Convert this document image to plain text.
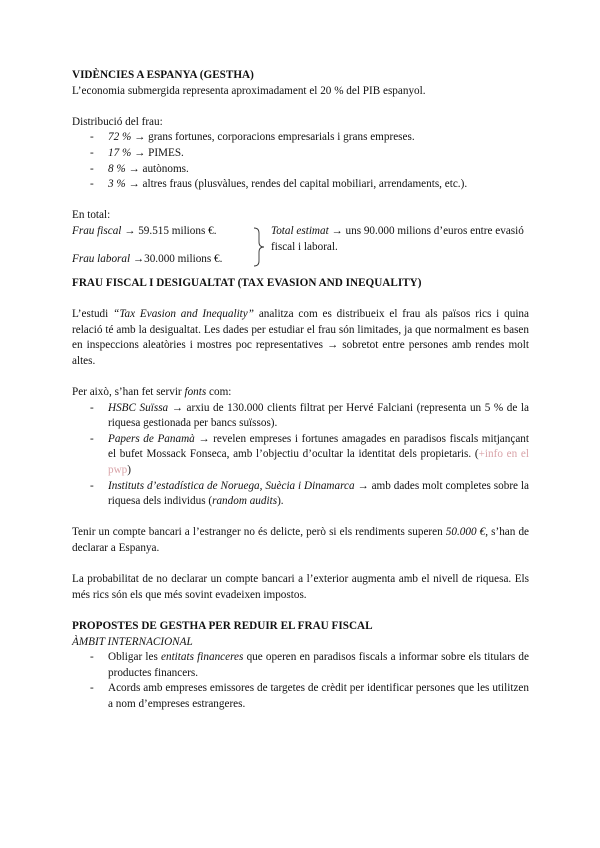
VIDÈNCIES A ESPANYA (GESTHA)

L’economia submergida representa aproximadament el 20 % del PIB espanyol.

Distribució del frau:

- 72 % → grans fortunes, corporacions empresarials i grans empreses.
- 17 % → PIMES.
- 8 % → autònoms.
- 3 % → altres fraus (plusvàlues, rendes del capital mobiliari, arrendaments, etc.).

En total:

Frau fiscal → 59.515 milions €.
Frau laboral →30.000 milions €.
Total estimat → uns 90.000 milions d’euros entre evasió fiscal i laboral.

FRAU FISCAL I DESIGUALTAT (TAX EVASION AND INEQUALITY)

L’estudi “Tax Evasion and Inequality” analitza com es distribueix el frau als països rics i quina relació té amb la desigualtat. Les dades per estudiar el frau són limitades, ja que normalment es basen en inspeccions aleatòries i mostres poc representatives → sobretot entre persones amb rendes molt altes.

Per això, s’han fet servir fonts com:

- HSBC Suïssa → arxiu de 130.000 clients filtrat per Hervé Falciani (representa un 5 % de la riquesa gestionada per bancs suïssos).
- Papers de Panamà → revelen empreses i fortunes amagades en paradisos fiscals mitjançant el bufet Mossack Fonseca, amb l’objectiu d’ocultar la identitat dels propietaris. (+info en el pwp)
- Instituts d’estadística de Noruega, Suècia i Dinamarca → amb dades molt completes sobre la riquesa dels individus (random audits).

Tenir un compte bancari a l’estranger no és delicte, però si els rendiments superen 50.000 €, s’han de declarar a Espanya.

La probabilitat de no declarar un compte bancari a l’exterior augmenta amb el nivell de riquesa. Els més rics són els que més sovint evadeixen impostos.

PROPOSTES DE GESTHA PER REDUIR EL FRAU FISCAL

ÀMBIT INTERNACIONAL

- Obligar les entitats financeres que operen en paradisos fiscals a informar sobre els titulars de productes financers.
- Acords amb empreses emissores de targetes de crèdit per identificar persones que les utilitzen a nom d’empreses estrangeres.
